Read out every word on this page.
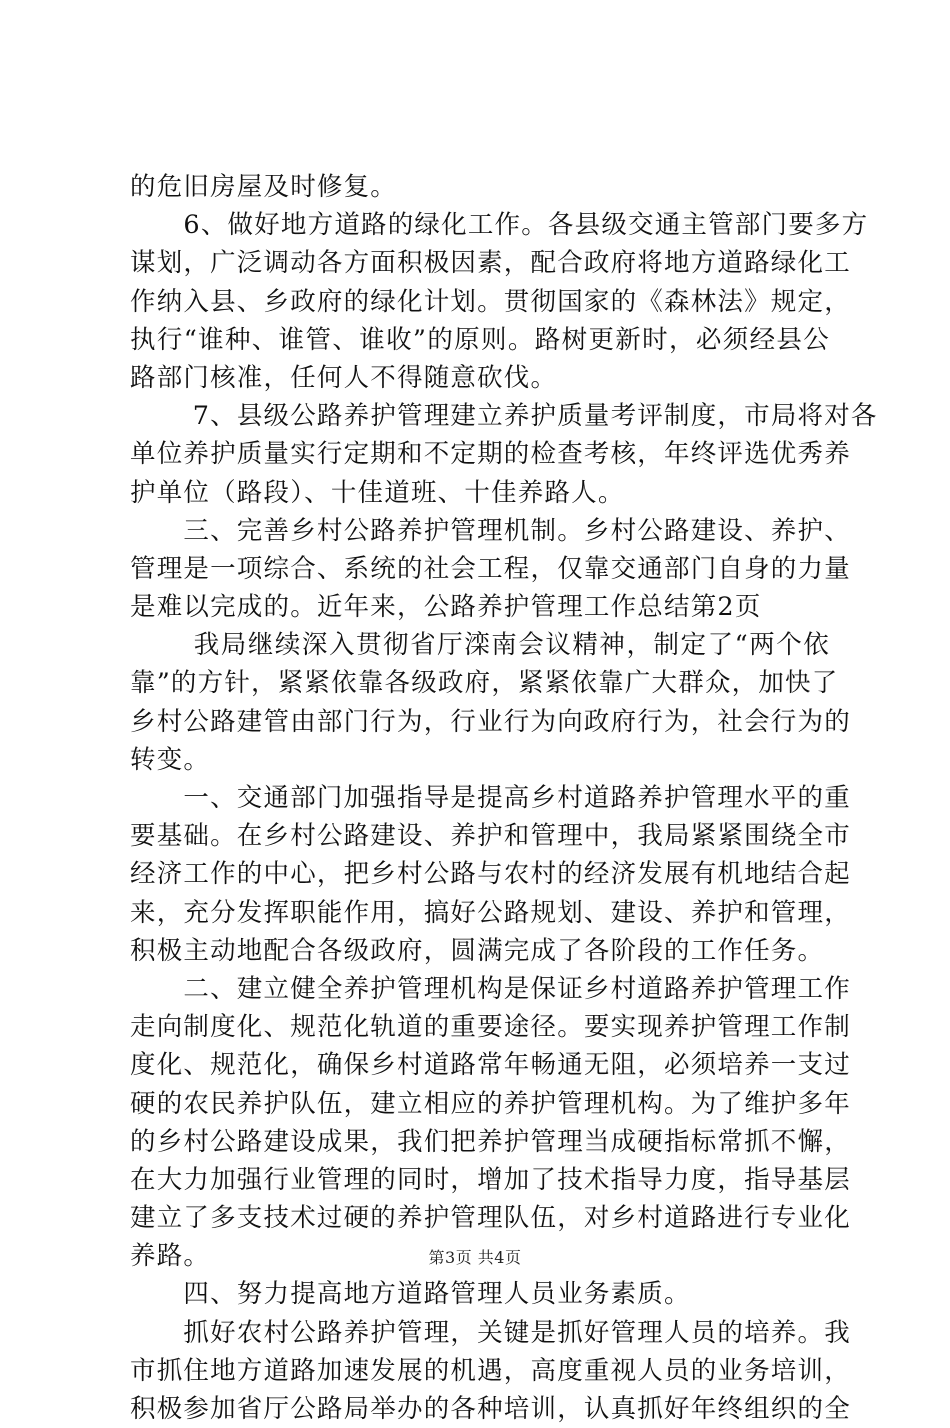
的危旧房屋及时修复。
　　6、做好地方道路的绿化工作。各县级交通主管部门要多方
谋划，广泛调动各方面积极因素，配合政府将地方道路绿化工
作纳入县、乡政府的绿化计划。贯彻国家的《森林法》规定，
执行“谁种、谁管、谁收”的原则。路树更新时，必须经县公
路部门核准，任何人不得随意砍伐。
　　 7、县级公路养护管理建立养护质量考评制度，市局将对各
单位养护质量实行定期和不定期的检查考核，年终评选优秀养
护单位（路段）、十佳道班、十佳养路人。
　　三、完善乡村公路养护管理机制。乡村公路建设、养护、
管理是一项综合、系统的社会工程，仅靠交通部门自身的力量
是难以完成的。近年来，公路养护管理工作总结第2页
　　 我局继续深入贯彻省厅滦南会议精神，制定了“两个依
靠”的方针，紧紧依靠各级政府，紧紧依靠广大群众，加快了
乡村公路建管由部门行为，行业行为向政府行为，社会行为的
转变。
　　一、交通部门加强指导是提高乡村道路养护管理水平的重
要基础。在乡村公路建设、养护和管理中，我局紧紧围绕全市
经济工作的中心，把乡村公路与农村的经济发展有机地结合起
来，充分发挥职能作用，搞好公路规划、建设、养护和管理，
积极主动地配合各级政府，圆满完成了各阶段的工作任务。
　　二、建立健全养护管理机构是保证乡村道路养护管理工作
走向制度化、规范化轨道的重要途径。要实现养护管理工作制
度化、规范化，确保乡村道路常年畅通无阻，必须培养一支过
硬的农民养护队伍，建立相应的养护管理机构。为了维护多年
的乡村公路建设成果，我们把养护管理当成硬指标常抓不懈，
在大力加强行业管理的同时，增加了技术指导力度，指导基层
建立了多支技术过硬的养护管理队伍，对乡村道路进行专业化
养路。
　　四、努力提高地方道路管理人员业务素质。
　　抓好农村公路养护管理，关键是抓好管理人员的培养。我
市抓住地方道路加速发展的机遇，高度重视人员的业务培训，
积极参加省厅公路局举办的各种培训，认真抓好年终组织的全
第3页 共4页
